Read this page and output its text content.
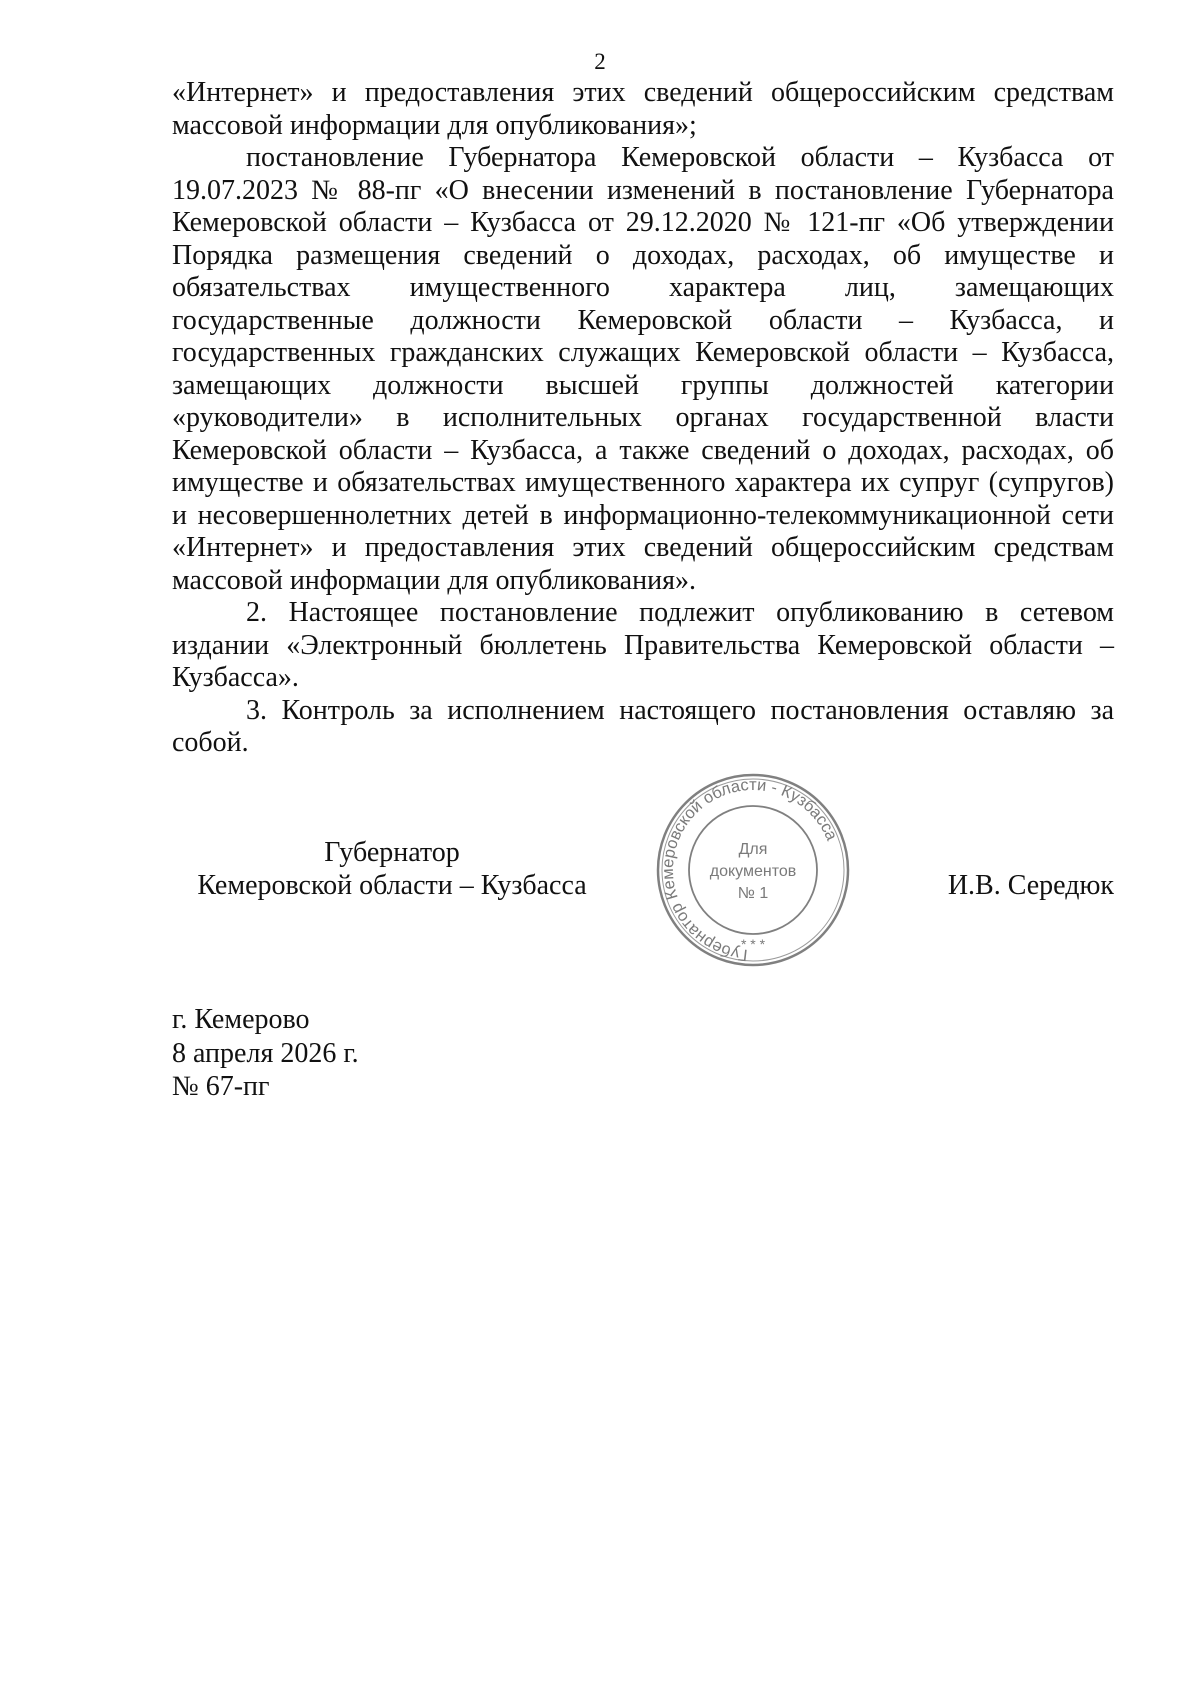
2

«Интернет» и предоставления этих сведений общероссийским средствам массовой информации для опубликования»;

постановление Губернатора Кемеровской области – Кузбасса от 19.07.2023 № 88-пг «О внесении изменений в постановление Губернатора Кемеровской области – Кузбасса от 29.12.2020 № 121-пг «Об утверждении Порядка размещения сведений о доходах, расходах, об имуществе и обязательствах имущественного характера лиц, замещающих государственные должности Кемеровской области – Кузбасса, и государственных гражданских служащих Кемеровской области – Кузбасса, замещающих должности высшей группы должностей категории «руководители» в исполнительных органах государственной власти Кемеровской области – Кузбасса, а также сведений о доходах, расходах, об имуществе и обязательствах имущественного характера их супруг (супругов) и несовершеннолетних детей в информационно-телекоммуникационной сети «Интернет» и предоставления этих сведений общероссийским средствам массовой информации для опубликования».

2. Настоящее постановление подлежит опубликованию в сетевом издании «Электронный бюллетень Правительства Кемеровской области – Кузбасса».

3. Контроль за исполнением настоящего постановления оставляю за собой.

Губернатор
Кемеровской области – Кузбасса
Губернатор Кемеровской области - Кузбасса
Для
документов
№ 1
* * *
И.В. Середюк
г. Кемерово
8 апреля 2026 г.
№ 67-пг
